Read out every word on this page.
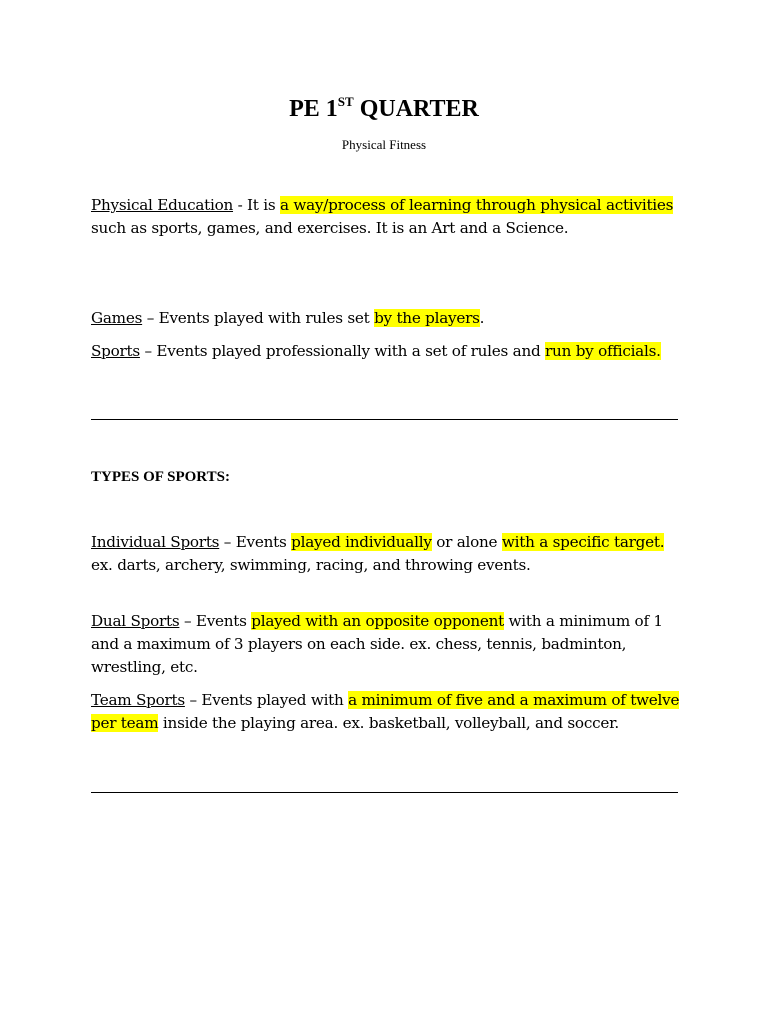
PE 1ST QUARTER
Physical Fitness
Physical Education - It is a way/process of learning through physical activities such as sports, games, and exercises. It is an Art and a Science.
Games – Events played with rules set by the players.
Sports – Events played professionally with a set of rules and run by officials.
TYPES OF SPORTS:
Individual Sports – Events played individually or alone with a specific target. ex. darts, archery, swimming, racing, and throwing events.
Dual Sports – Events played with an opposite opponent with a minimum of 1 and a maximum of 3 players on each side. ex. chess, tennis, badminton, wrestling, etc.
Team Sports – Events played with a minimum of five and a maximum of twelve per team inside the playing area. ex. basketball, volleyball, and soccer.
